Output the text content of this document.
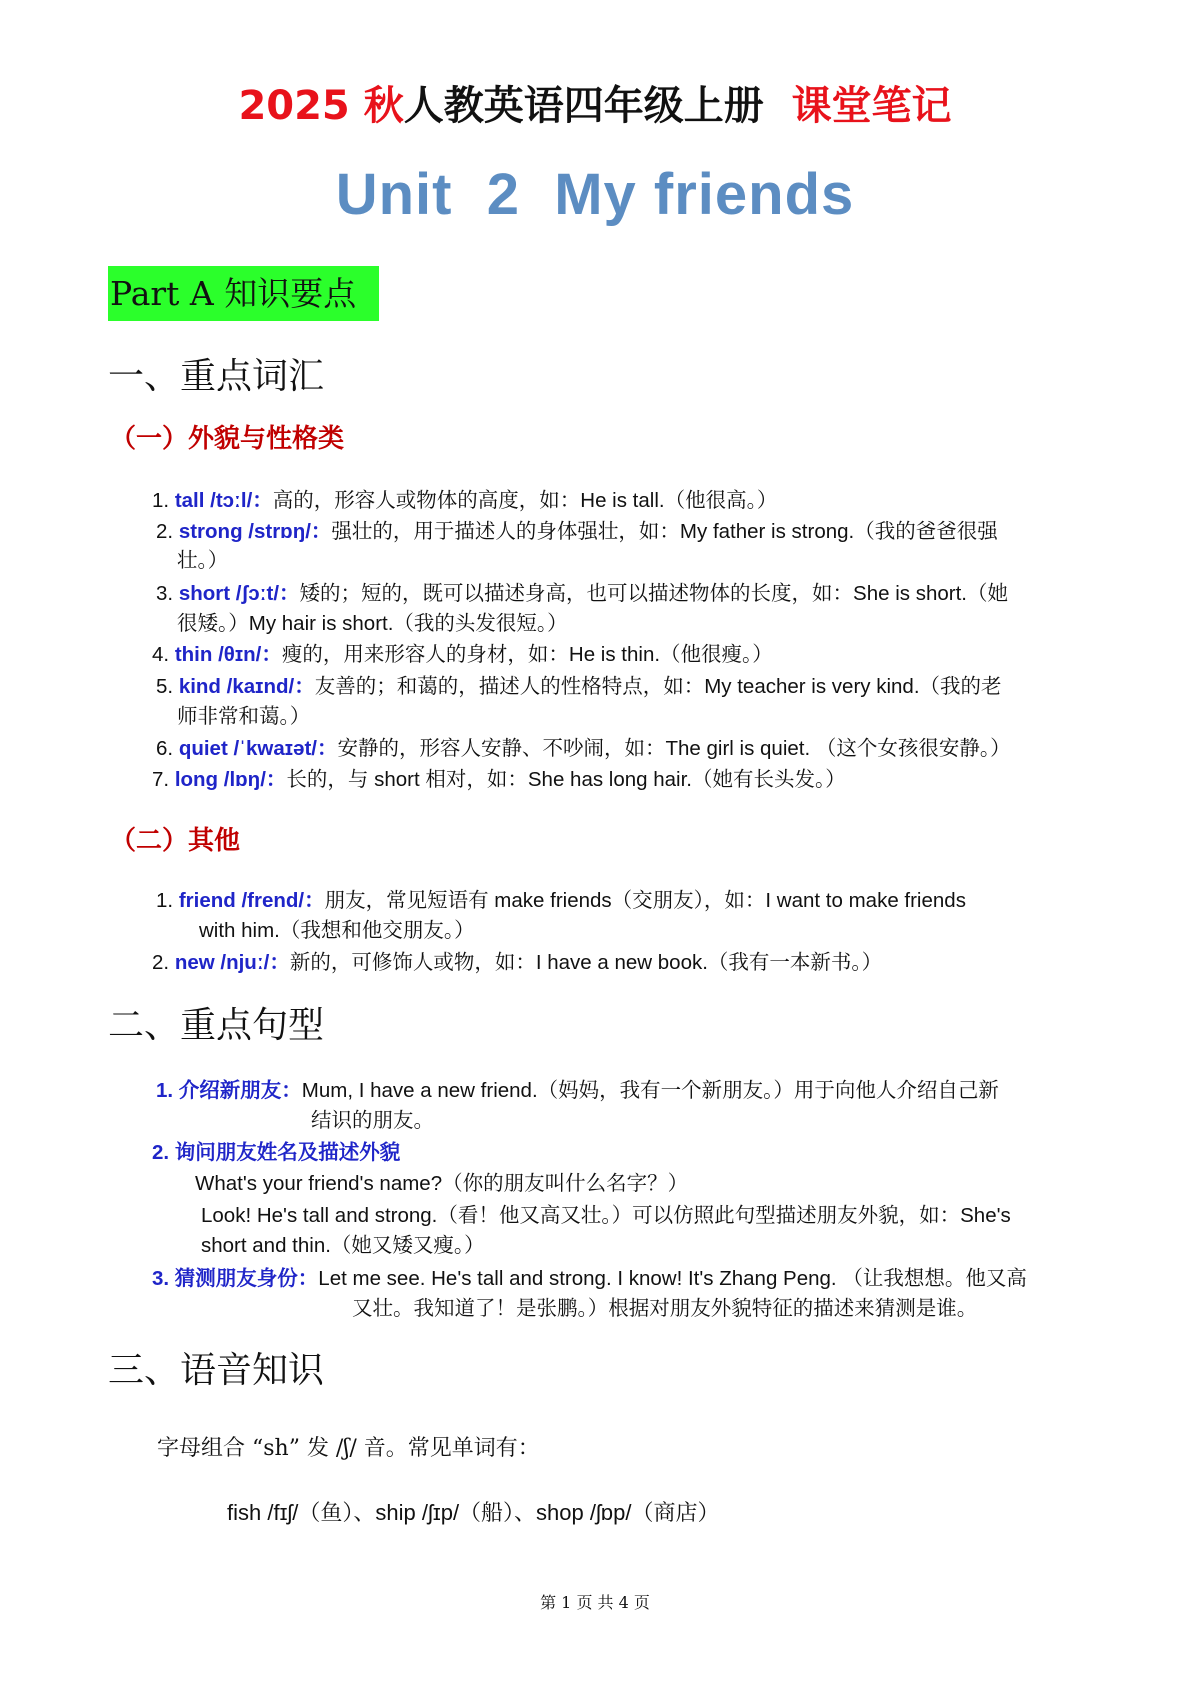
2025 秋人教英语四年级上册 课堂笔记
Unit  2  My friends
Part A 知识要点
一、重点词汇
（一）外貌与性格类
1. tall /tɔːl/：高的，形容人或物体的高度，如：He is tall.（他很高。）
2. strong /strɒŋ/：强壮的，用于描述人的身体强壮，如：My father is strong.（我的爸爸很强
壮。）
3. short /ʃɔːt/：矮的；短的，既可以描述身高，也可以描述物体的长度，如：She is short.（她
很矮。）My hair is short.（我的头发很短。）
4. thin /θɪn/：瘦的，用来形容人的身材，如：He is thin.（他很瘦。）
5. kind /kaɪnd/：友善的；和蔼的，描述人的性格特点，如：My teacher is very kind.（我的老
师非常和蔼。）
6. quiet /ˈkwaɪət/：安静的，形容人安静、不吵闹，如：The girl is quiet. （这个女孩很安静。）
7. long /lɒŋ/：长的，与 short 相对，如：She has long hair.（她有长头发。）
（二）其他
1. friend /frend/：朋友，常见短语有 make friends（交朋友），如：I want to make friends
with him.（我想和他交朋友。）
2. new /njuː/：新的，可修饰人或物，如：I have a new book.（我有一本新书。）
二、重点句型
1. 介绍新朋友：Mum, I have a new friend.（妈妈，我有一个新朋友。）用于向他人介绍自己新
结识的朋友。
2. 询问朋友姓名及描述外貌
What's your friend's name?（你的朋友叫什么名字？）
Look! He's tall and strong.（看！他又高又壮。）可以仿照此句型描述朋友外貌，如：She's
short and thin.（她又矮又瘦。）
3. 猜测朋友身份：Let me see. He's tall and strong. I know! It's Zhang Peng. （让我想想。他又高
又壮。我知道了！是张鹏。）根据对朋友外貌特征的描述来猜测是谁。
三、语音知识
字母组合 “sh” 发 /ʃ/ 音。常见单词有：
fish /fɪʃ/（鱼）、ship /ʃɪp/（船）、shop /ʃɒp/（商店）
第 1 页 共 4 页
